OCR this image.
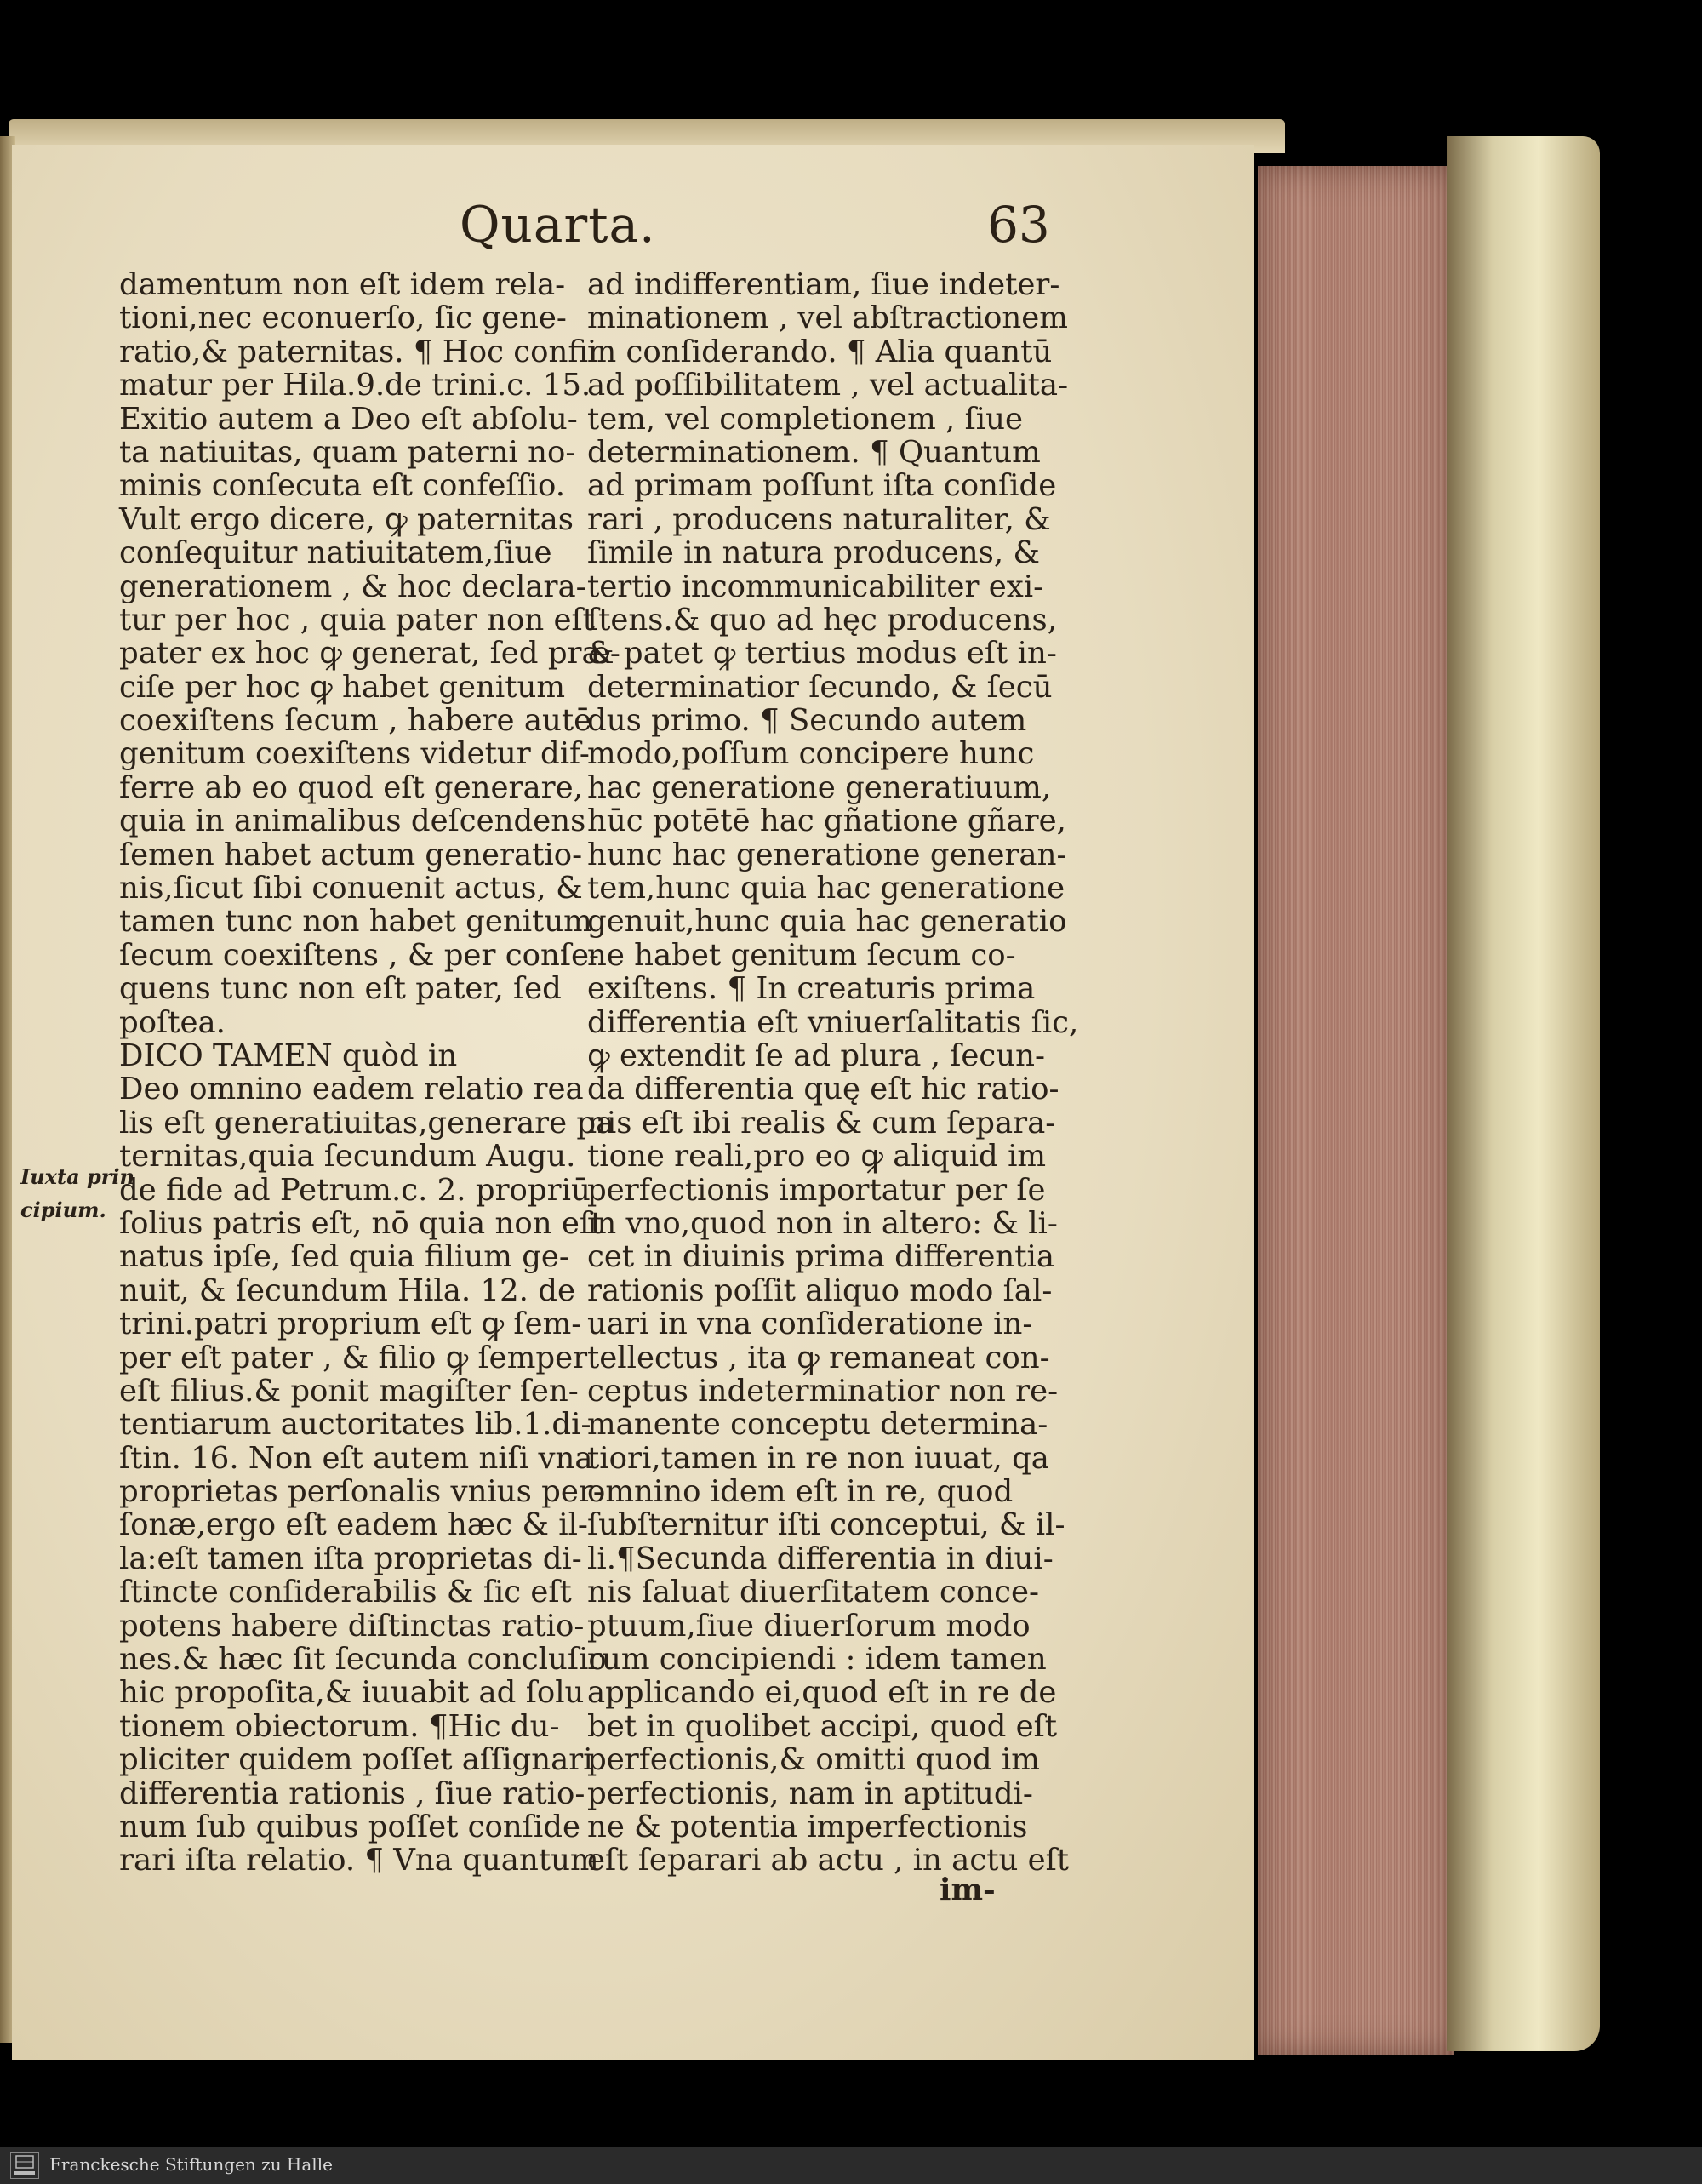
Quarta.	63
Iuxta prin
cipium.
damentum non eſt idem rela-
tioni,nec econuerſo, ſic gene-
ratio,& paternitas. ¶ Hoc confir
matur per Hila.9.de trini.c. 15.
Exitio autem a Deo eſt abſolu-
ta natiuitas, quam paterni no-
minis conſecuta eſt confeſſio.
Vult ergo dicere, ꝙ paternitas
conſequitur natiuitatem,ſiue
generationem , & hoc declara-
tur per hoc , quia pater non eſt
pater ex hoc ꝙ generat, ſed præ-
ciſe per hoc ꝙ habet genitum
coexiſtens ſecum , habere autē
genitum coexiſtens videtur dif-
ferre ab eo quod eſt generare,
quia in animalibus deſcendens
ſemen habet actum generatio-
nis,ſicut ſibi conuenit actus, &
tamen tunc non habet genitum
ſecum coexiſtens , & per conſe-
quens tunc non eſt pater, ſed
poſtea.
DICO TAMEN quòd in
Deo omnino eadem relatio rea
lis eſt generatiuitas,generare pa
ternitas,quia ſecundum Augu.
de fide ad Petrum.c. 2. propriū
ſolius patris eſt, nō quia non eſt
natus ipſe, ſed quia filium ge-
nuit, & ſecundum Hila. 12. de
trini.patri proprium eſt ꝙ ſem-
per eſt pater , & filio ꝙ ſemper
eſt filius.& ponit magiſter ſen-
tentiarum auctoritates lib.1.di-
ſtin. 16. Non eſt autem niſi vna
proprietas perſonalis vnius per-
ſonæ,ergo eſt eadem hæc & il-
la:eſt tamen iſta proprietas di-
ſtincte conſiderabilis & ſic eſt
potens habere diſtinctas ratio-
nes.& hæc ſit ſecunda concluſio
hic propoſita,& iuuabit ad ſolu
tionem obiectorum. ¶Hic du-
pliciter quidem poſſet aſſignari
differentia rationis , ſiue ratio-
num ſub quibus poſſet conſide
rari iſta relatio. ¶ Vna quantum
ad indifferentiam, ſiue indeter-
minationem , vel abſtractionem
in conſiderando. ¶ Alia quantū
ad poſſibilitatem , vel actualita-
tem, vel completionem , ſiue
determinationem. ¶ Quantum
ad primam poſſunt iſta conſide
rari , producens naturaliter, &
ſimile in natura producens, &
tertio incommunicabiliter exi-
ſtens.& quo ad hęc producens,
& patet ꝙ tertius modus eſt in-
determinatior ſecundo, & ſecū
dus primo. ¶ Secundo autem
modo,poſſum concipere hunc
hac generatione generatiuum,
hūc potētē hac gñatione gñare,
hunc hac generatione generan-
tem,hunc quia hac generatione
genuit,hunc quia hac generatio
ne habet genitum ſecum co-
exiſtens. ¶ In creaturis prima
differentia eſt vniuerſalitatis ſic,
ꝙ extendit ſe ad plura , ſecun-
da differentia quę eſt hic ratio-
nis eſt ibi realis & cum ſepara-
tione reali,pro eo ꝙ aliquid im
perfectionis importatur per ſe
in vno,quod non in altero: & li-
cet in diuinis prima differentia
rationis poſſit aliquo modo ſal-
uari in vna conſideratione in-
tellectus , ita ꝙ remaneat con-
ceptus indeterminatior non re-
manente conceptu determina-
tiori,tamen in re non iuuat, qa
omnino idem eſt in re, quod
ſubſternitur iſti conceptui, & il-
li.¶Secunda differentia in diui-
nis ſaluat diuerſitatem conce-
ptuum,ſiue diuerſorum modo
rum concipiendi : idem tamen
applicando ei,quod eſt in re de
bet in quolibet accipi, quod eſt
perfectionis,& omitti quod im
perfectionis, nam in aptitudi-
ne & potentia imperfectionis
eſt ſeparari ab actu , in actu eſt
im-
Franckesche Stiftungen zu Halle
